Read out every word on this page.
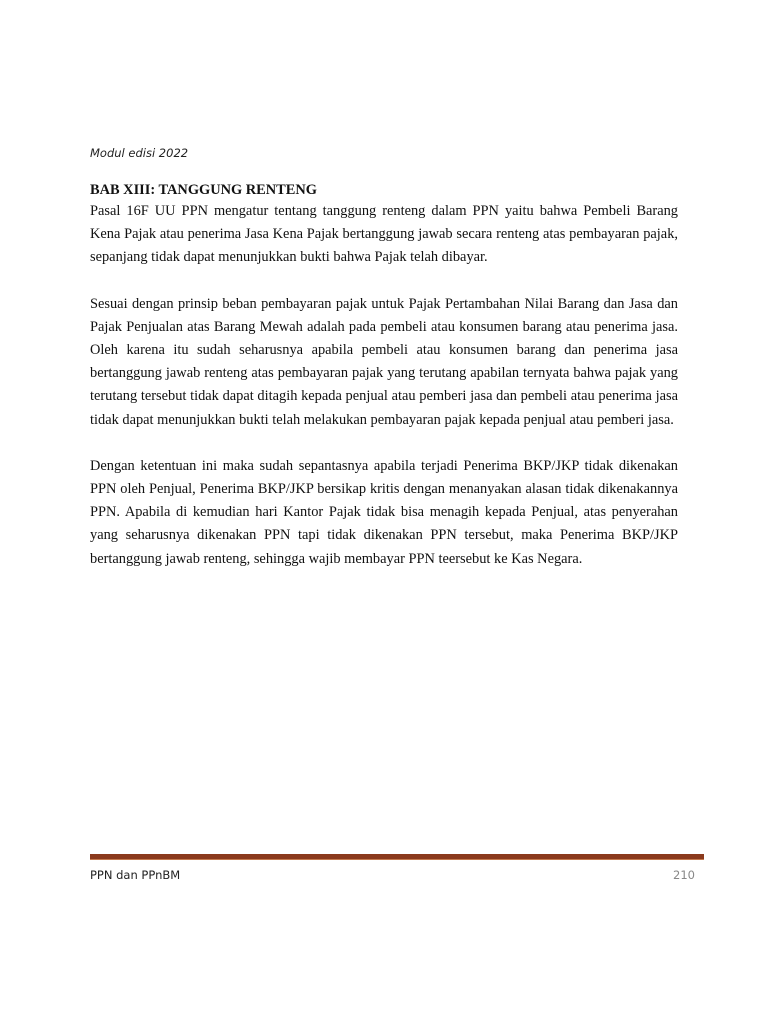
Modul edisi 2022

BAB XIII: TANGGUNG RENTENG

Pasal 16F UU PPN mengatur tentang tanggung renteng dalam PPN yaitu bahwa Pembeli Barang Kena Pajak atau penerima Jasa Kena Pajak bertanggung jawab secara renteng atas pembayaran pajak, sepanjang tidak dapat menunjukkan bukti bahwa Pajak telah dibayar.

Sesuai dengan prinsip beban pembayaran pajak untuk Pajak Pertambahan Nilai Barang dan Jasa dan Pajak Penjualan atas Barang Mewah adalah pada pembeli atau konsumen barang atau penerima jasa. Oleh karena itu sudah seharusnya apabila pembeli atau konsumen barang dan penerima jasa bertanggung jawab renteng atas pembayaran pajak yang terutang apabilan ternyata bahwa pajak yang terutang tersebut tidak dapat ditagih kepada penjual atau pemberi jasa dan pembeli atau penerima jasa tidak dapat menunjukkan bukti telah melakukan pembayaran pajak kepada penjual atau pemberi jasa.

Dengan ketentuan ini maka sudah sepantasnya apabila terjadi Penerima BKP/JKP tidak dikenakan PPN oleh Penjual, Penerima BKP/JKP bersikap kritis dengan menanyakan alasan tidak dikenakannya PPN. Apabila di kemudian hari Kantor Pajak tidak bisa menagih kepada Penjual, atas penyerahan yang seharusnya dikenakan PPN tapi tidak dikenakan PPN tersebut, maka Penerima BKP/JKP bertanggung jawab renteng, sehingga wajib membayar PPN teersebut ke Kas Negara.

PPN dan PPnBM	210
